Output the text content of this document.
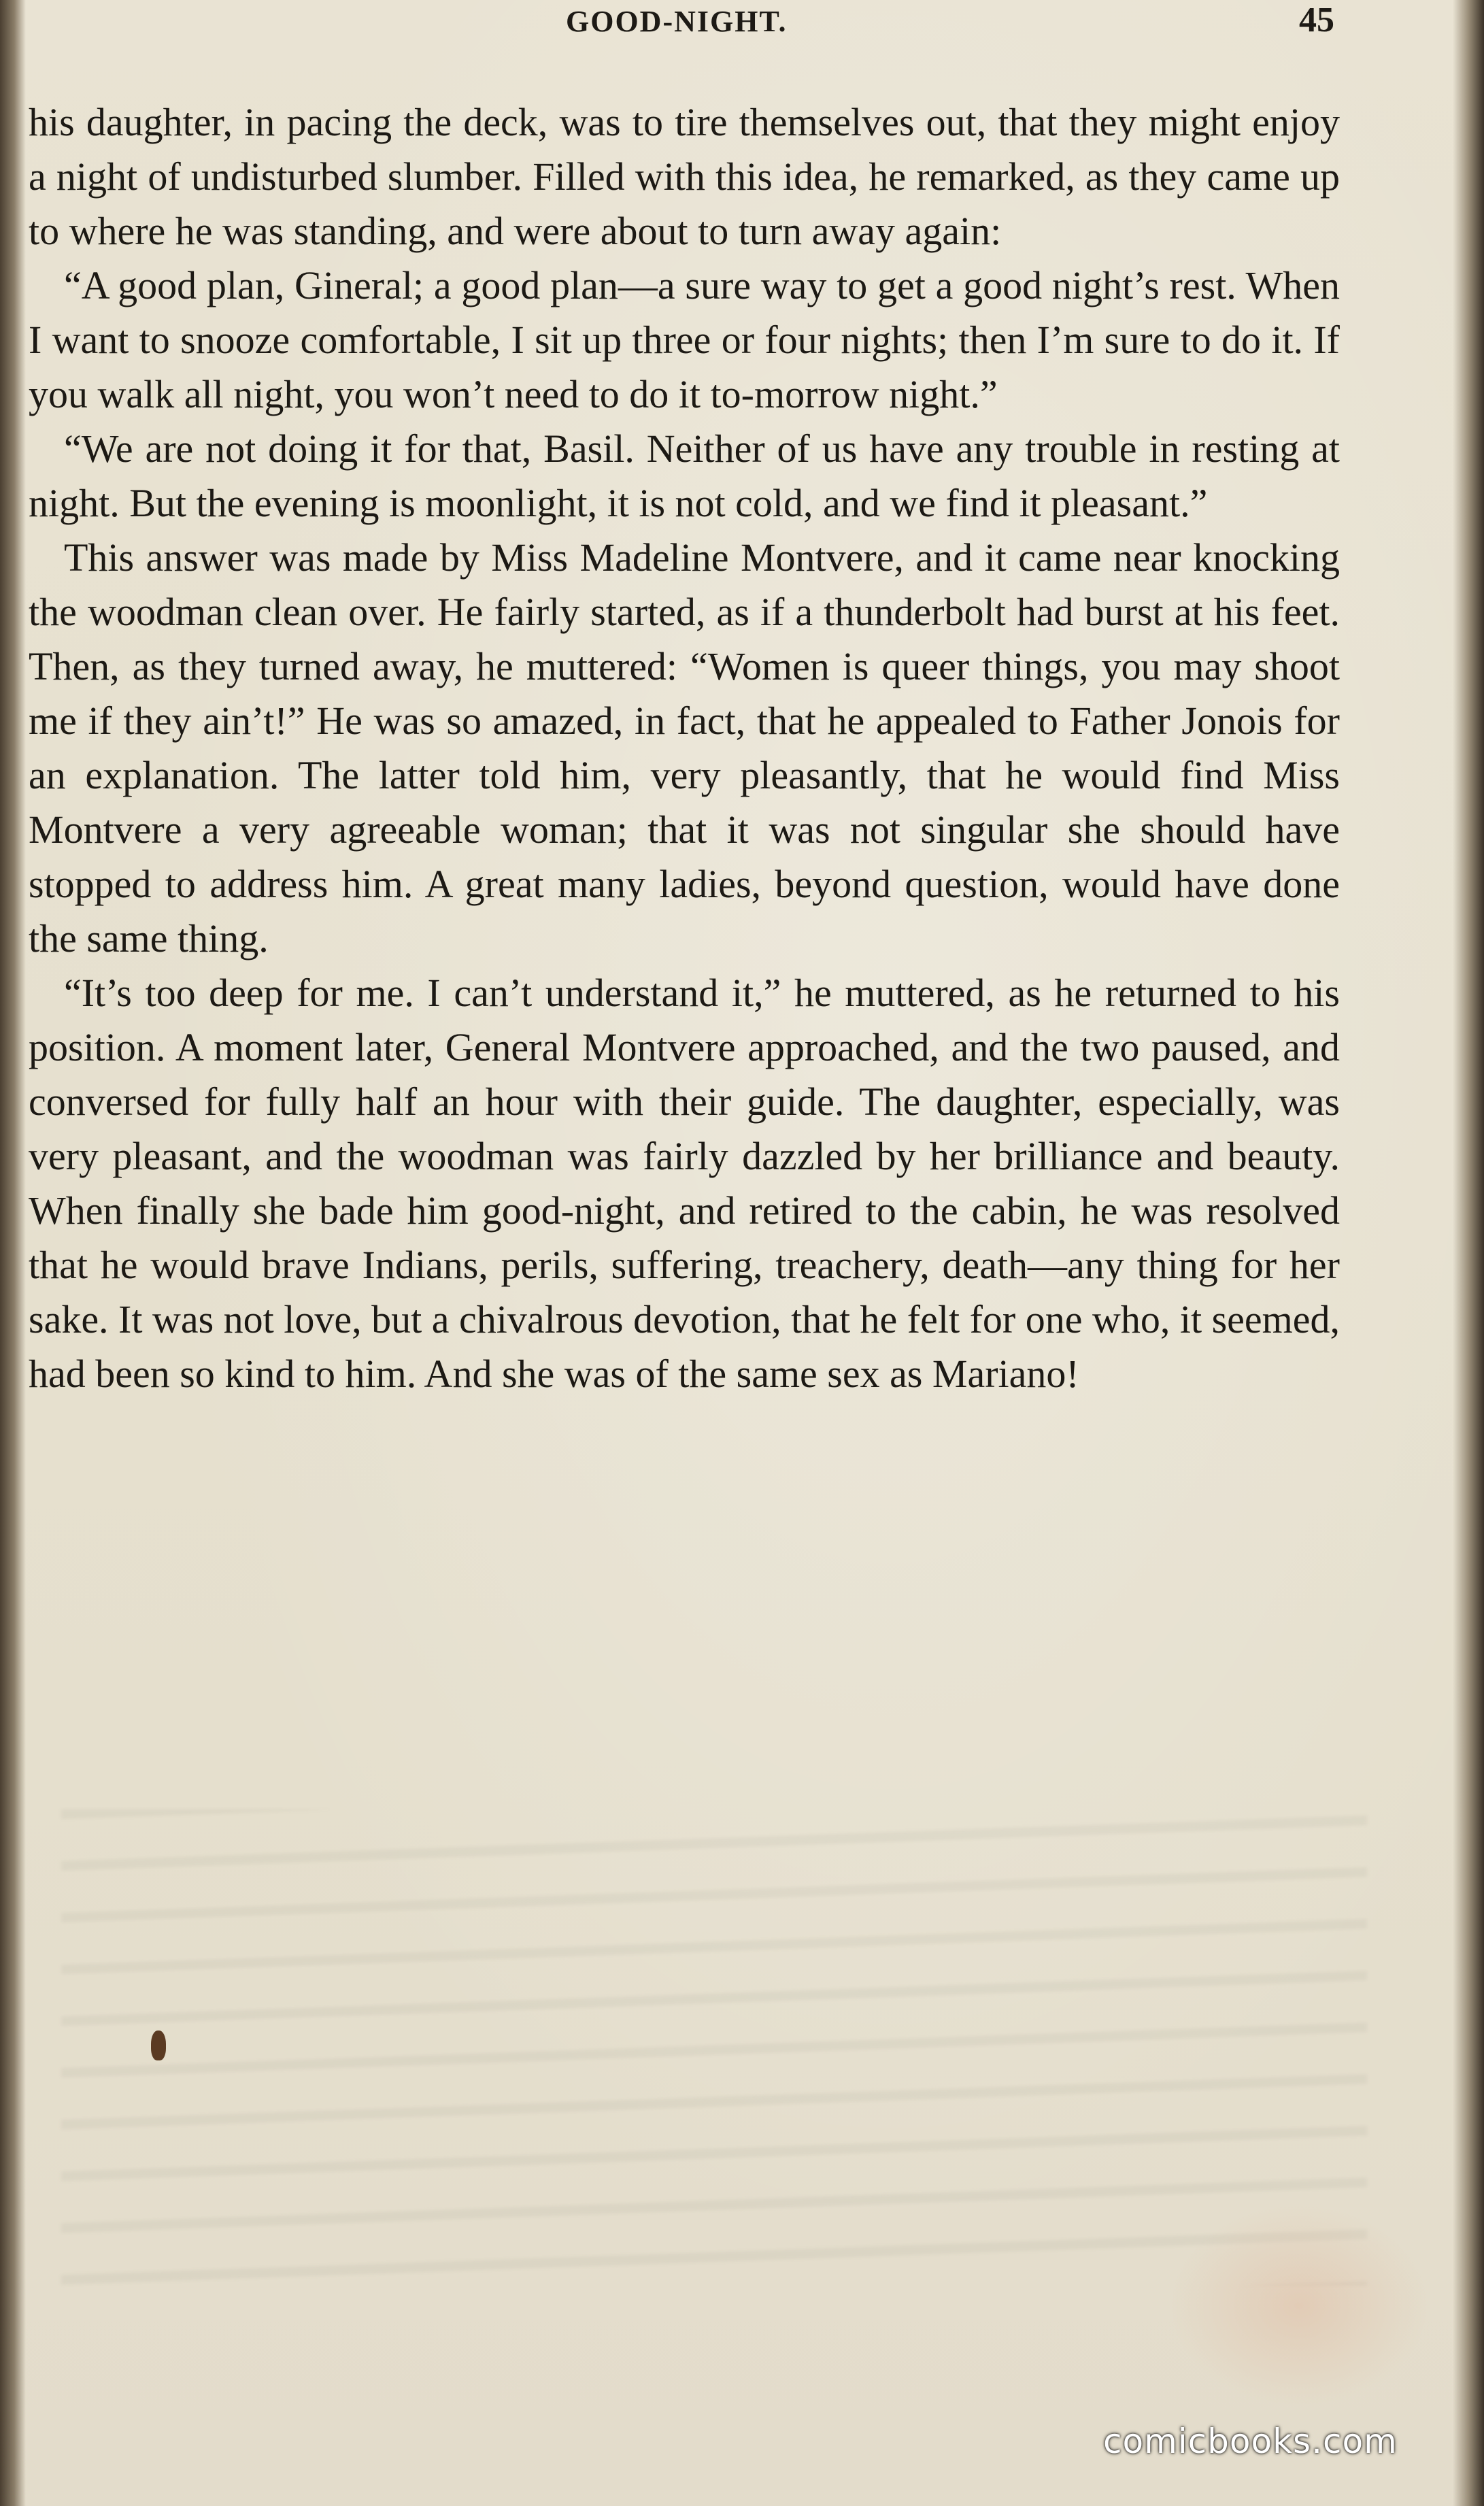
GOOD-NIGHT.	45

his daughter, in pacing the deck, was to tire themselves out, that they might enjoy a night of undisturbed slumber. Filled with this idea, he remarked, as they came up to where he was standing, and were about to turn away again:

“A good plan, Gineral; a good plan—a sure way to get a good night’s rest. When I want to snooze comfortable, I sit up three or four nights; then I’m sure to do it. If you walk all night, you won’t need to do it to-morrow night.”

“We are not doing it for that, Basil. Neither of us have any trouble in resting at night. But the evening is moonlight, it is not cold, and we find it pleasant.”

This answer was made by Miss Madeline Montvere, and it came near knocking the woodman clean over. He fairly started, as if a thunderbolt had burst at his feet. Then, as they turned away, he muttered: “Women is queer things, you may shoot me if they ain’t!” He was so amazed, in fact, that he appealed to Father Jonois for an explanation. The latter told him, very pleasantly, that he would find Miss Montvere a very agreeable woman; that it was not singular she should have stopped to address him. A great many ladies, beyond question, would have done the same thing.

“It’s too deep for me. I can’t understand it,” he muttered, as he returned to his position. A moment later, General Montvere approached, and the two paused, and conversed for fully half an hour with their guide. The daughter, especially, was very pleasant, and the woodman was fairly dazzled by her brilliance and beauty. When finally she bade him good-night, and retired to the cabin, he was resolved that he would brave Indians, perils, suffering, treachery, death—any thing for her sake. It was not love, but a chivalrous devotion, that he felt for one who, it seemed, had been so kind to him. And she was of the same sex as Mariano!

comicbooks.com
